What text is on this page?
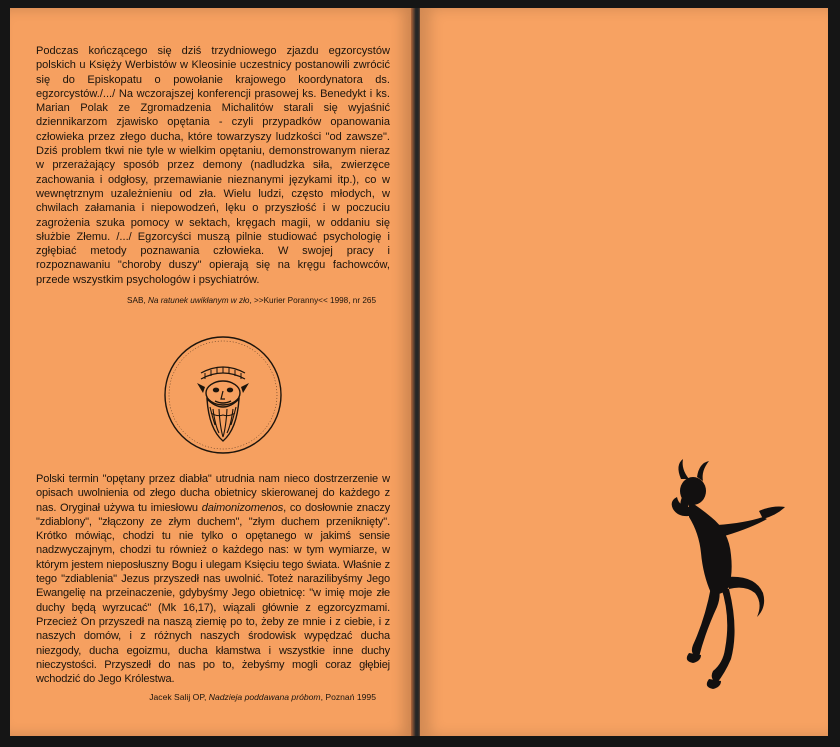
Podczas kończącego się dziś trzydniowego zjazdu egzorcystów polskich u Księży Werbistów w Kleosinie uczestnicy postanowili zwrócić się do Episkopatu o powołanie krajowego koordynatora ds. egzorcystów./.../ Na wczorajszej konferencji prasowej ks. Benedykt i ks. Marian Polak ze Zgromadzenia Michalitów starali się wyjaśnić dziennikarzom zjawisko opętania - czyli przypadków opanowania człowieka przez złego ducha, które towarzyszy ludzkości "od zawsze". Dziś problem tkwi nie tyle w wielkim opętaniu, demonstrowanym nieraz w przerażający sposób przez demony (nadludzka siła, zwierzęce zachowania i odgłosy, przemawianie nieznanymi językami itp.), co w wewnętrznym uzależnieniu od zła. Wielu ludzi, często młodych, w chwilach załamania i niepowodzeń, lęku o przyszłość i w poczuciu zagrożenia szuka pomocy w sektach, kręgach magii, w oddaniu się służbie Złemu. /.../ Egzorcyści muszą pilnie studiować psychologię i zgłębiać metody poznawania człowieka. W swojej pracy i rozpoznawaniu "choroby duszy" opierają się na kręgu fachowców, przede wszystkim psychologów i psychiatrów.

SAB, Na ratunek uwikłanym w zło, >>Kurier Poranny<< 1998, nr 265

Polski termin "opętany przez diabła" utrudnia nam nieco dostrzerzenie w opisach uwolnienia od złego ducha obietnicy skierowanej do każdego z nas. Oryginał używa tu imiesłowu daimonizomenos, co dosłownie znaczy "zdiablony", "złączony ze złym duchem", "złym duchem przeniknięty". Krótko mówiąc, chodzi tu nie tylko o opętanego w jakimś sensie nadzwyczajnym, chodzi tu również o każdego nas: w tym wymiarze, w którym jestem nieposłuszny Bogu i ulegam Księciu tego świata. Właśnie z tego "zdiablenia" Jezus przyszedł nas uwolnić. Toteż narazilibyśmy Jego Ewangelię na przeinaczenie, gdybyśmy Jego obietnicę: "w imię moje złe duchy będą wyrzucać" (Mk 16,17), wiązali głównie z egzorcyzmami. Przecież On przyszedł na naszą ziemię po to, żeby ze mnie i z ciebie, i z naszych domów, i z różnych naszych środowisk wypędzać ducha niezgody, ducha egoizmu, ducha kłamstwa i wszystkie inne duchy nieczystości. Przyszedł do nas po to, żebyśmy mogli coraz głębiej wchodzić do Jego Królestwa.

Jacek Salij OP, Nadzieja poddawana próbom, Poznań 1995
